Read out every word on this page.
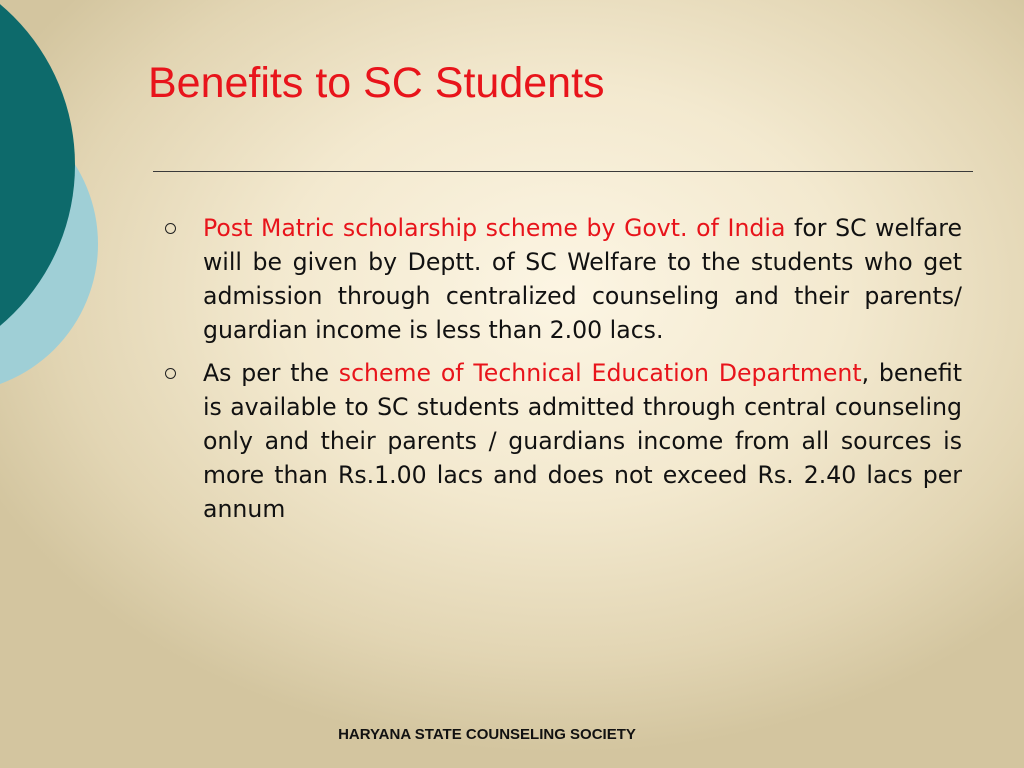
Benefits to SC Students
Post Matric scholarship scheme by Govt. of India for SC welfare will be given by Deptt. of SC Welfare to the students who get admission through centralized counseling and their parents/ guardian income is less than 2.00 lacs.
As per the scheme of Technical Education Department, benefit is available to SC students admitted through central counseling only and their parents / guardians income from all sources is more than Rs.1.00 lacs and does not exceed Rs. 2.40 lacs per annum
HARYANA STATE COUNSELING SOCIETY
